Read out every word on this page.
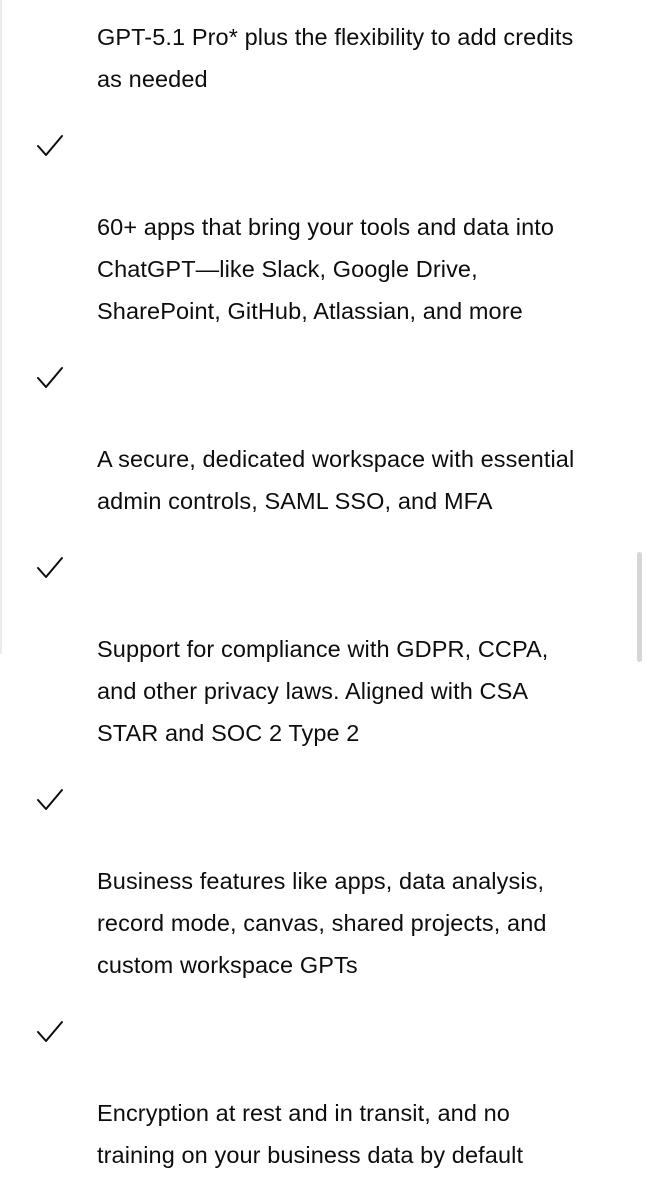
GPT-5.1 Pro* plus the flexibility to add credits
as needed

60+ apps that bring your tools and data into
ChatGPT—like Slack, Google Drive,
SharePoint, GitHub, Atlassian, and more

A secure, dedicated workspace with essential
admin controls, SAML SSO, and MFA

Support for compliance with GDPR, CCPA,
and other privacy laws. Aligned with CSA
STAR and SOC 2 Type 2

Business features like apps, data analysis,
record mode, canvas, shared projects, and
custom workspace GPTs

Encryption at rest and in transit, and no
training on your business data by default
